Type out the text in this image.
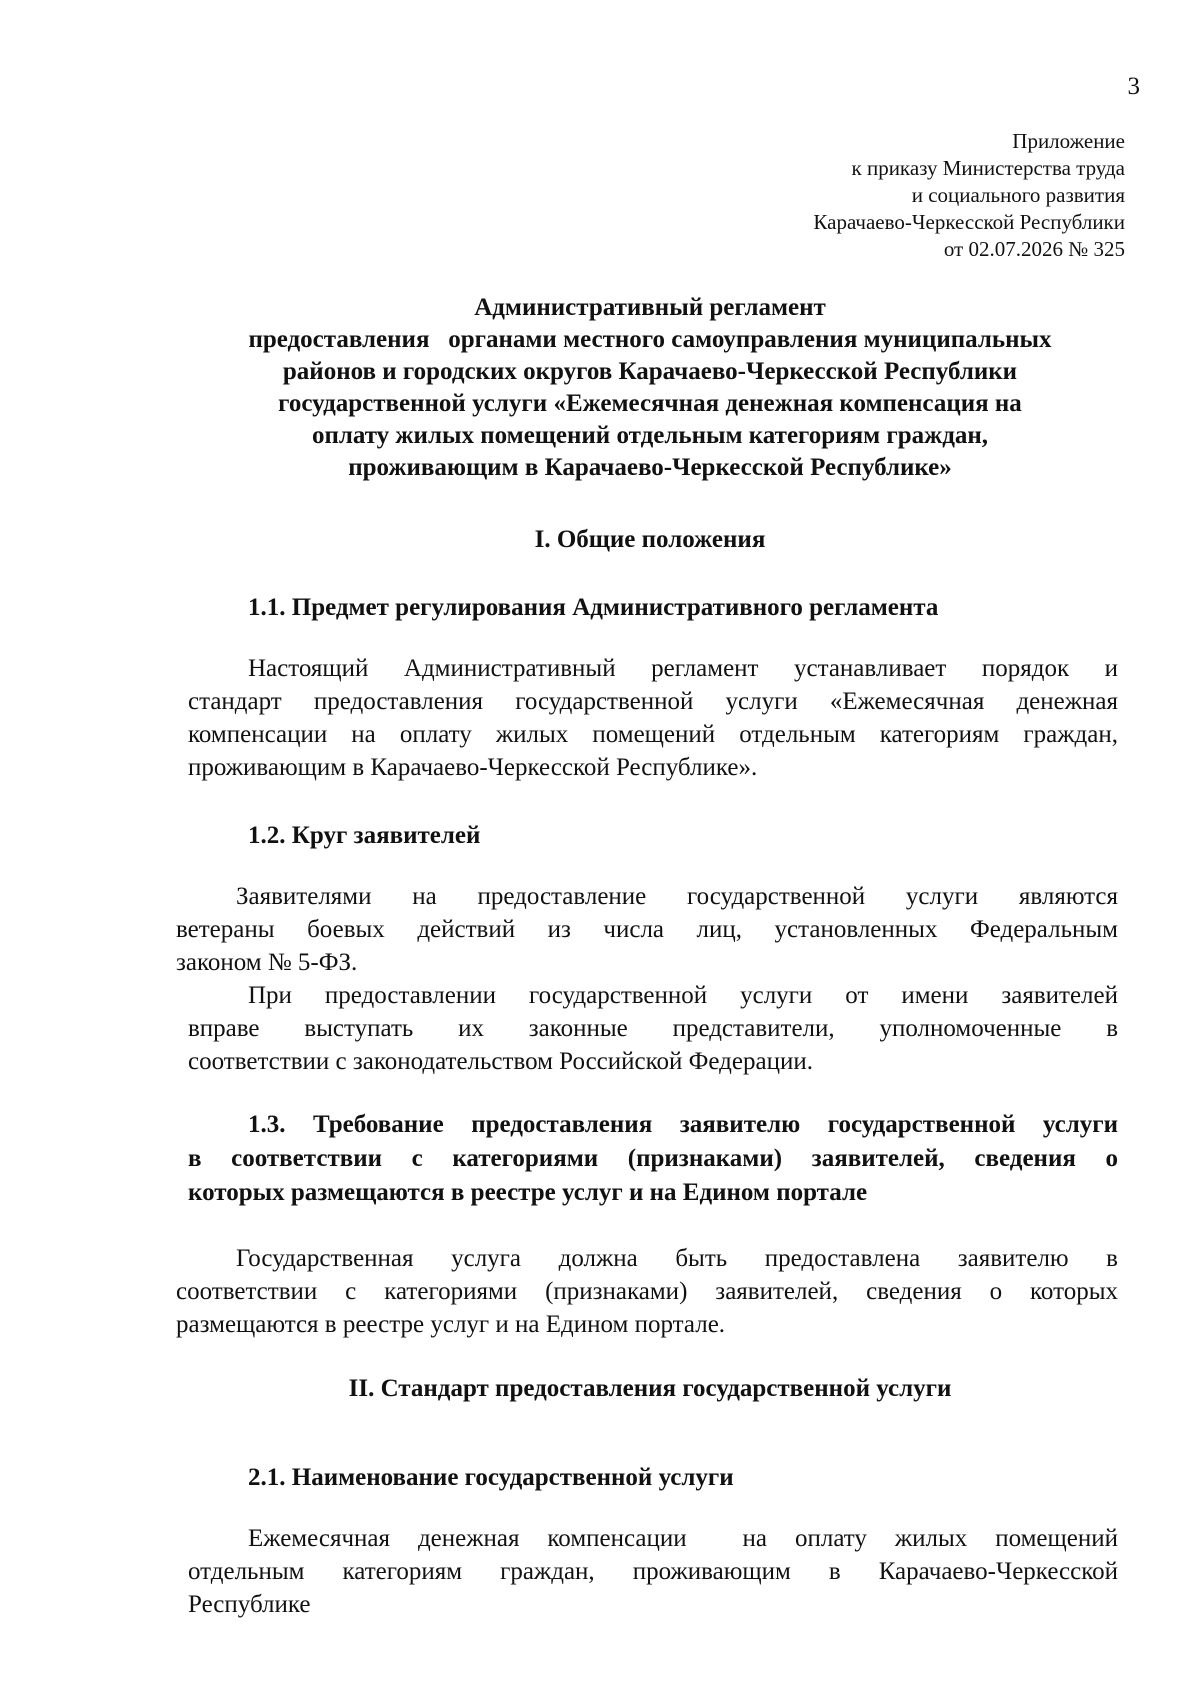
3
Приложение
к приказу Министерства труда
и социального развития
Карачаево-Черкесской Республики
от 02.07.2026 № 325
Административный регламент
предоставления   органами местного самоуправления муниципальных
районов и городских округов Карачаево-Черкесской Республики
государственной услуги «Ежемесячная денежная компенсация на
оплату жилых помещений отдельным категориям граждан,
проживающим в Карачаево-Черкесской Республике»
I. Общие положения
1.1. Предмет регулирования Административного регламента
Настоящий Административный регламент устанавливает порядок и
стандарт предоставления государственной услуги «Ежемесячная денежная
компенсации на оплату жилых помещений отдельным категориям граждан,
проживающим в Карачаево-Черкесской Республике».
1.2. Круг заявителей
Заявителями на предоставление государственной услуги являются
ветераны боевых действий из числа лиц, установленных Федеральным
законом № 5-ФЗ.
При предоставлении государственной услуги от имени заявителей
вправе выступать их законные представители, уполномоченные в
соответствии с законодательством Российской Федерации.
1.3. Требование предоставления заявителю государственной услуги
в соответствии с категориями (признаками) заявителей, сведения о
которых размещаются в реестре услуг и на Едином портале
Государственная услуга должна быть предоставлена заявителю в
соответствии с категориями (признаками) заявителей, сведения о которых
размещаются в реестре услуг и на Едином портале.
II. Стандарт предоставления государственной услуги
2.1. Наименование государственной услуги
Ежемесячная денежная компенсации  на оплату жилых помещений
отдельным категориям граждан, проживающим в Карачаево-Черкесской
Республике
